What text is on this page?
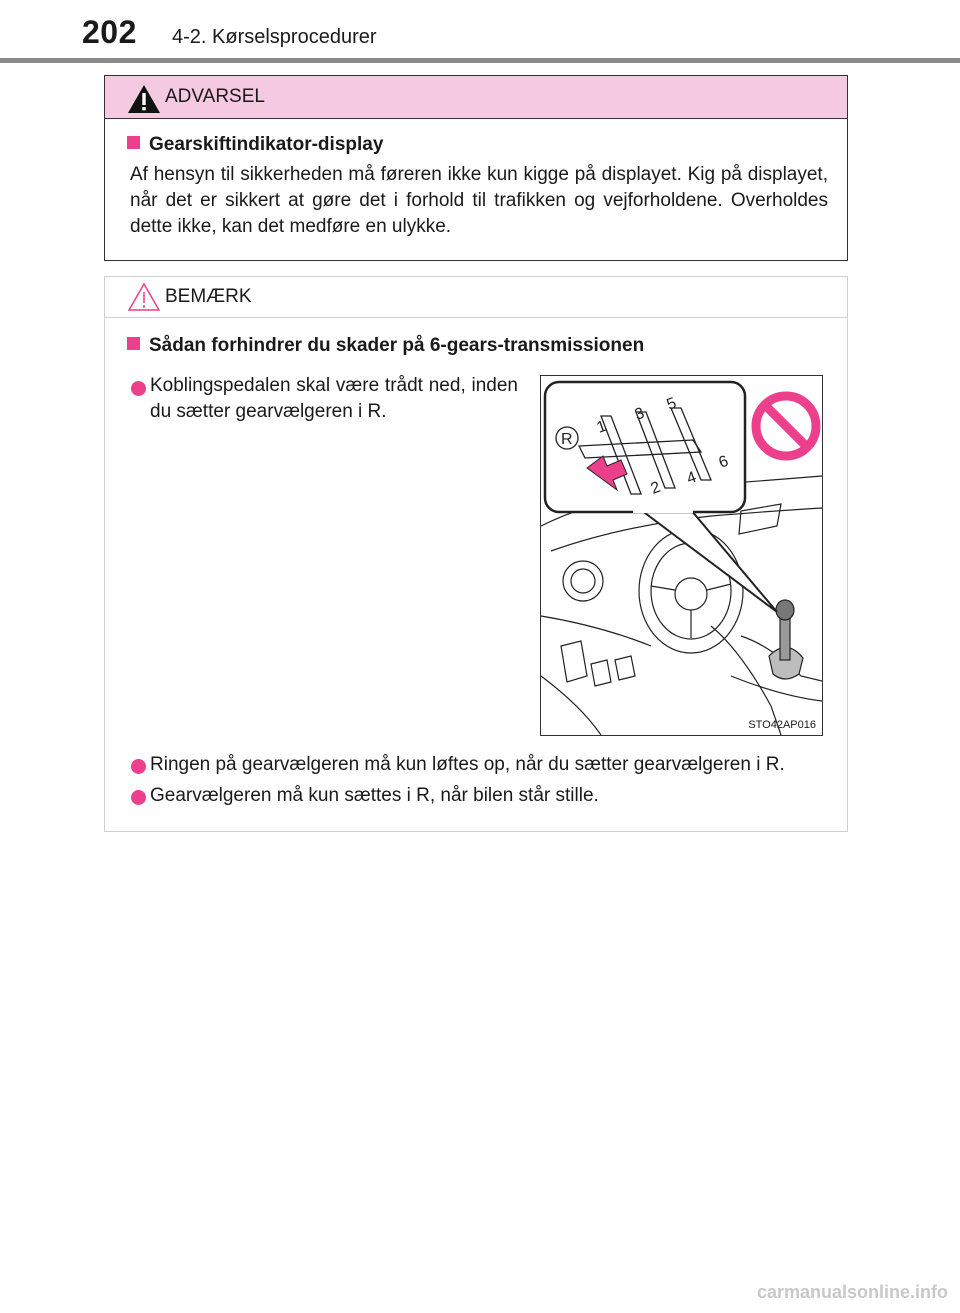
202 4-2. Kørselsprocedurer
ADVARSEL
Gearskiftindikator-display
Af hensyn til sikkerheden må føreren ikke kun kigge på displayet. Kig på displayet, når det er sikkert at gøre det i forhold til trafikken og vejforholdene. Overholdes dette ikke, kan det medføre en ulykke.
BEMÆRK
Sådan forhindrer du skader på 6-gears-transmissionen
Koblingspedalen skal være trådt ned, inden du sætter gearvælgeren i R.
Ringen på gearvælgeren må kun løftes op, når du sætter gearvælgeren i R.
Gearvælgeren må kun sættes i R, når bilen står stille.
R
1
2
3
4
5
6
STO42AP016
carmanualsonline.info
